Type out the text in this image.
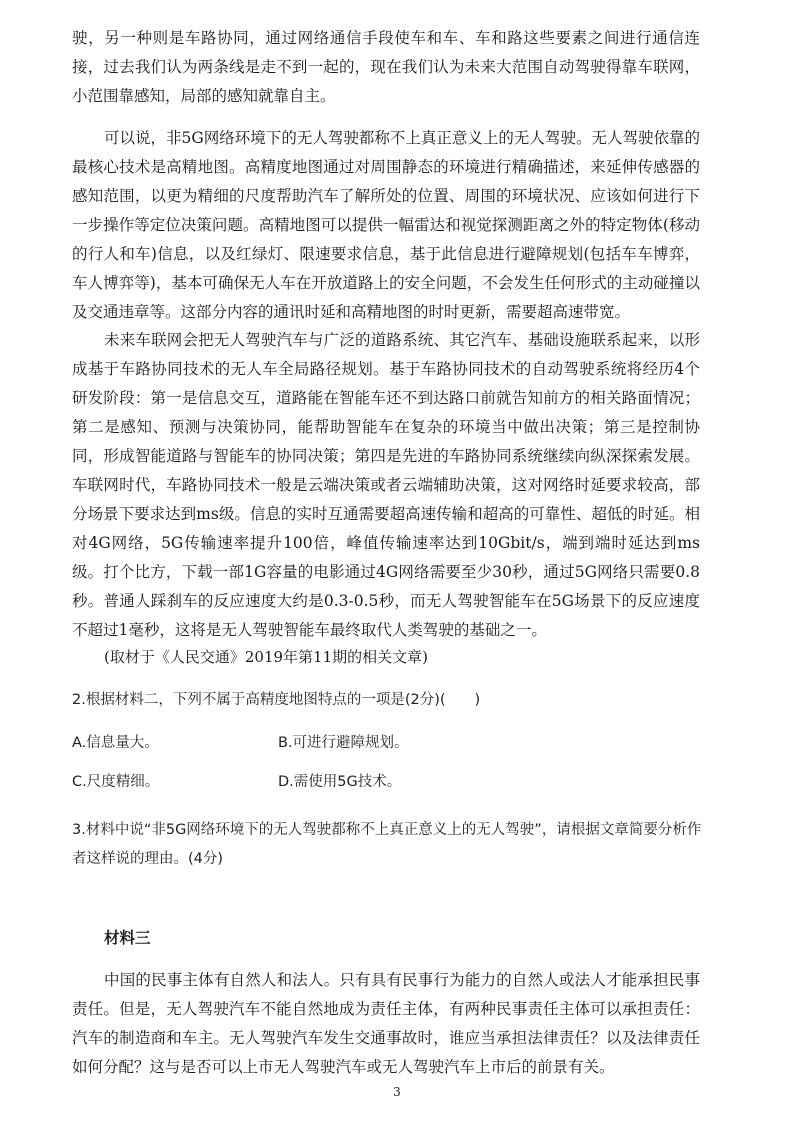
驶，另一种则是车路协同，通过网络通信手段使车和车、车和路这些要素之间进行通信连接，过去我们认为两条线是走不到一起的，现在我们认为未来大范围自动驾驶得靠车联网，小范围靠感知，局部的感知就靠自主。

可以说，非5G网络环境下的无人驾驶都称不上真正意义上的无人驾驶。无人驾驶依靠的最核心技术是高精地图。高精度地图通过对周围静态的环境进行精确描述，来延伸传感器的感知范围，以更为精细的尺度帮助汽车了解所处的位置、周围的环境状况、应该如何进行下一步操作等定位决策问题。高精地图可以提供一幅雷达和视觉探测距离之外的特定物体(移动的行人和车)信息，以及红绿灯、限速要求信息，基于此信息进行避障规划(包括车车博弈，车人博弈等)，基本可确保无人车在开放道路上的安全问题，不会发生任何形式的主动碰撞以及交通违章等。这部分内容的通讯时延和高精地图的时时更新，需要超高速带宽。

未来车联网会把无人驾驶汽车与广泛的道路系统、其它汽车、基础设施联系起来，以形成基于车路协同技术的无人车全局路径规划。基于车路协同技术的自动驾驶系统将经历4个研发阶段：第一是信息交互，道路能在智能车还不到达路口前就告知前方的相关路面情况；第二是感知、预测与决策协同，能帮助智能车在复杂的环境当中做出决策；第三是控制协同，形成智能道路与智能车的协同决策；第四是先进的车路协同系统继续向纵深探索发展。车联网时代，车路协同技术一般是云端决策或者云端辅助决策，这对网络时延要求较高，部分场景下要求达到ms级。信息的实时互通需要超高速传输和超高的可靠性、超低的时延。相对4G网络，5G传输速率提升100倍，峰值传输速率达到10Gbit/s，端到端时延达到ms级。打个比方，下载一部1G容量的电影通过4G网络需要至少30秒，通过5G网络只需要0.8秒。普通人踩刹车的反应速度大约是0.3-0.5秒，而无人驾驶智能车在5G场景下的反应速度不超过1毫秒，这将是无人驾驶智能车最终取代人类驾驶的基础之一。

(取材于《人民交通》2019年第11期的相关文章)

2.根据材料二，下列不属于高精度地图特点的一项是(2分)(　　)

A.信息量大。	B.可进行避障规划。

C.尺度精细。	D.需使用5G技术。

3.材料中说“非5G网络环境下的无人驾驶都称不上真正意义上的无人驾驶”，请根据文章简要分析作者这样说的理由。(4分)

材料三

中国的民事主体有自然人和法人。只有具有民事行为能力的自然人或法人才能承担民事责任。但是，无人驾驶汽车不能自然地成为责任主体，有两种民事责任主体可以承担责任：汽车的制造商和车主。无人驾驶汽车发生交通事故时，谁应当承担法律责任？以及法律责任如何分配？这与是否可以上市无人驾驶汽车或无人驾驶汽车上市后的前景有关。

3
